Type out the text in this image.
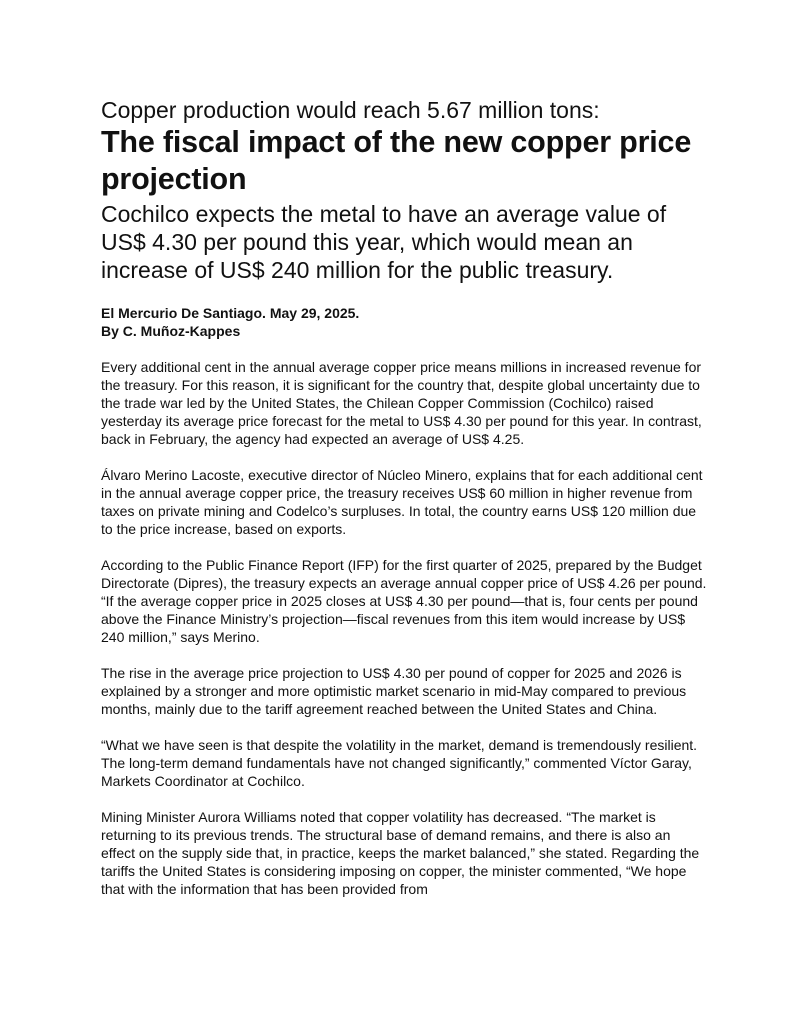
Copper production would reach 5.67 million tons:
The fiscal impact of the new copper price projection
Cochilco expects the metal to have an average value of US$ 4.30 per pound this year, which would mean an increase of US$ 240 million for the public treasury.
El Mercurio De Santiago. May 29, 2025.
By C. Muñoz-Kappes

Every additional cent in the annual average copper price means millions in increased revenue for the treasury. For this reason, it is significant for the country that, despite global uncertainty due to the trade war led by the United States, the Chilean Copper Commission (Cochilco) raised yesterday its average price forecast for the metal to US$ 4.30 per pound for this year. In contrast, back in February, the agency had expected an average of US$ 4.25.

Álvaro Merino Lacoste, executive director of Núcleo Minero, explains that for each additional cent in the annual average copper price, the treasury receives US$ 60 million in higher revenue from taxes on private mining and Codelco’s surpluses. In total, the country earns US$ 120 million due to the price increase, based on exports.

According to the Public Finance Report (IFP) for the first quarter of 2025, prepared by the Budget Directorate (Dipres), the treasury expects an average annual copper price of US$ 4.26 per pound. “If the average copper price in 2025 closes at US$ 4.30 per pound—that is, four cents per pound above the Finance Ministry’s projection—fiscal revenues from this item would increase by US$ 240 million,” says Merino.

The rise in the average price projection to US$ 4.30 per pound of copper for 2025 and 2026 is explained by a stronger and more optimistic market scenario in mid-May compared to previous months, mainly due to the tariff agreement reached between the United States and China.

“What we have seen is that despite the volatility in the market, demand is tremendously resilient. The long-term demand fundamentals have not changed significantly,” commented Víctor Garay, Markets Coordinator at Cochilco.

Mining Minister Aurora Williams noted that copper volatility has decreased. “The market is returning to its previous trends. The structural base of demand remains, and there is also an effect on the supply side that, in practice, keeps the market balanced,” she stated. Regarding the tariffs the United States is considering imposing on copper, the minister commented, “We hope that with the information that has been provided from
